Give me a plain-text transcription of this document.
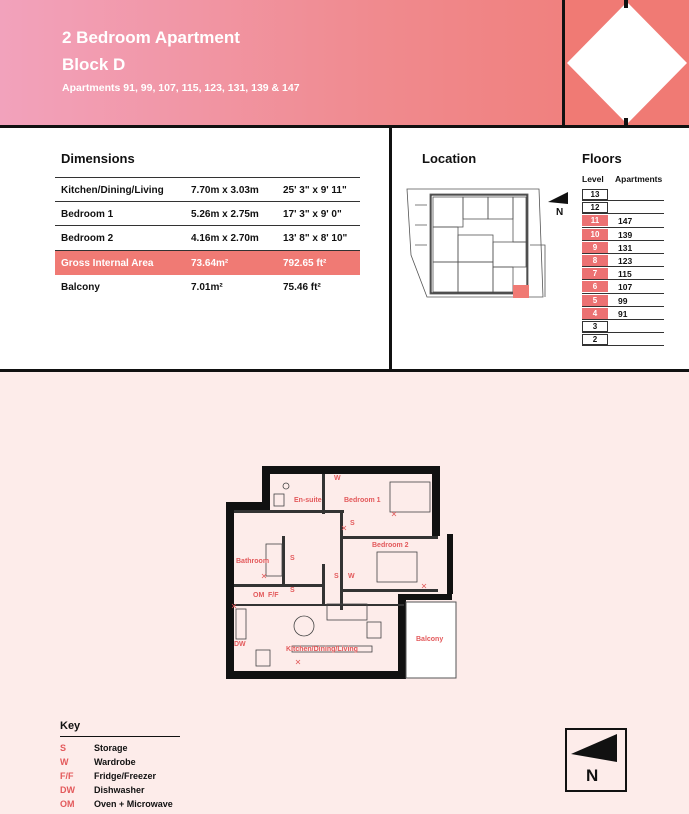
2 Bedroom Apartment
Block D
Apartments 91, 99, 107, 115, 123, 131, 139 & 147
Dimensions
Kitchen/Dining/Living	7.70m x 3.03m 25' 3" x 9' 11"
Bedroom 1	5.26m x 2.75m 17' 3" x 9' 0"
Bedroom 2	4.16m x 2.70m 13' 8" x 8' 10"
Gross Internal Area	73.64m²	792.65 ft²
Balcony	7.01m²	75.46 ft²
Location
N
Floors
Level Apartments
13
12
11	147
10	139
9	131
8	123
7	115
6	107
5	99
4	91
3
2
En-suite	Bedroom 1
Bedroom 2
Bathroom
Kitchen/Dining/Living
Balcony
W
S
S
S
S W
OM F/F
DW
Key
S	Storage
W	Wardrobe
F/F Fridge/Freezer
DW Dishwasher
OM Oven + Microwave
N
